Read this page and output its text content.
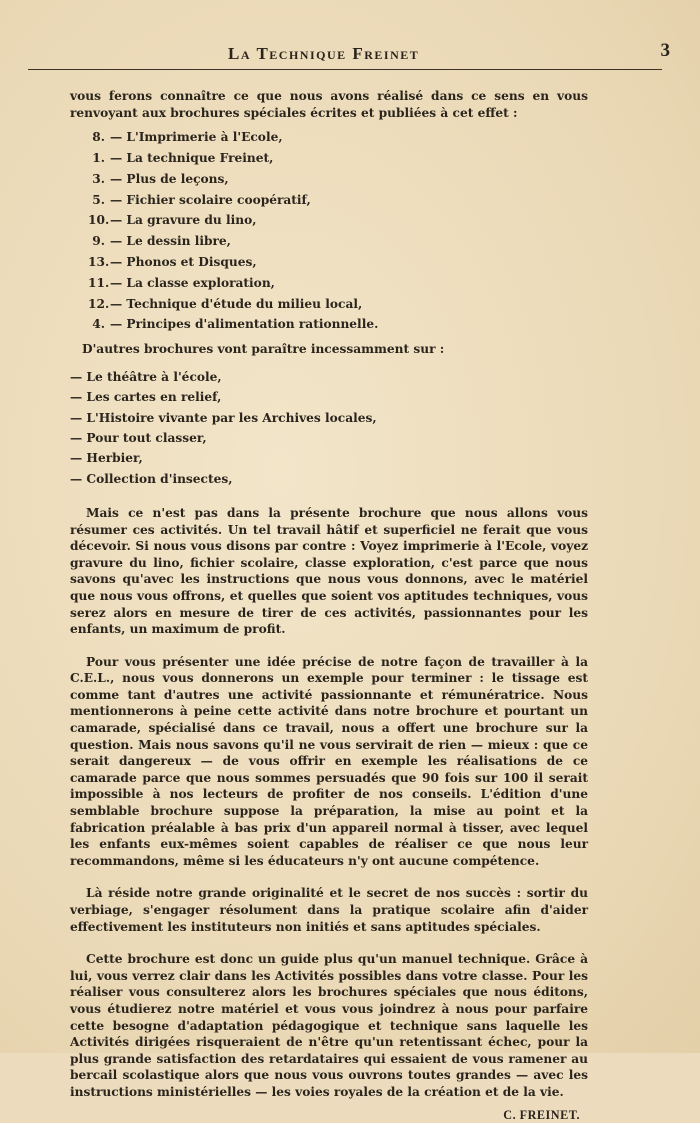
La Technique Freinet	3

vous ferons connaître ce que nous avons réalisé dans ce sens en vous renvoyant aux brochures spéciales écrites et publiées à cet effet :

8. — L'Imprimerie à l'Ecole,
1. — La technique Freinet,
3. — Plus de leçons,
5. — Fichier scolaire coopératif,
10.— La gravure du lino,
9. — Le dessin libre,
13.— Phonos et Disques,
11.— La classe exploration,
12.— Technique d'étude du milieu local,
4. — Principes d'alimentation rationnelle.
D'autres brochures vont paraître incessamment sur :
— Le théâtre à l'école,
— Les cartes en relief,
— L'Histoire vivante par les Archives locales,
— Pour tout classer,
— Herbier,
— Collection d'insectes,

Mais ce n'est pas dans la présente brochure que nous allons vous résumer ces activités. Un tel travail hâtif et superficiel ne ferait que vous décevoir. Si nous vous disons par contre : Voyez imprimerie à l'Ecole, voyez gravure du lino, fichier scolaire, classe exploration, c'est parce que nous savons qu'avec les instructions que nous vous donnons, avec le matériel que nous vous offrons, et quelles que soient vos aptitudes techniques, vous serez alors en mesure de tirer de ces activités, passionnantes pour les enfants, un maximum de profit.

Pour vous présenter une idée précise de notre façon de travailler à la C.E.L., nous vous donnerons un exemple pour terminer : le tissage est comme tant d'autres une activité passionnante et rémunératrice. Nous mentionnerons à peine cette activité dans notre brochure et pourtant un camarade, spécialisé dans ce travail, nous a offert une brochure sur la question. Mais nous savons qu'il ne vous servirait de rien — mieux : que ce serait dangereux — de vous offrir en exemple les réalisations de ce camarade parce que nous sommes persuadés que 90 fois sur 100 il serait impossible à nos lecteurs de profiter de nos conseils. L'édition d'une semblable brochure suppose la préparation, la mise au point et la fabrication préalable à bas prix d'un appareil normal à tisser, avec lequel les enfants eux-mêmes soient capables de réaliser ce que nous leur recommandons, même si les éducateurs n'y ont aucune compétence.

Là réside notre grande originalité et le secret de nos succès : sortir du verbiage, s'engager résolument dans la pratique scolaire afin d'aider effectivement les instituteurs non initiés et sans aptitudes spéciales.

Cette brochure est donc un guide plus qu'un manuel technique. Grâce à lui, vous verrez clair dans les Activités possibles dans votre classe. Pour les réaliser vous consulterez alors les brochures spéciales que nous éditons, vous étudierez notre matériel et vous vous joindrez à nous pour parfaire cette besogne d'adaptation pédagogique et technique sans laquelle les Activités dirigées risqueraient de n'être qu'un retentissant échec, pour la plus grande satisfaction des retardataires qui essaient de vous ramener au bercail scolastique alors que nous vous ouvrons toutes grandes — avec les instructions ministérielles — les voies royales de la création et de la vie.

C. FREINET.
